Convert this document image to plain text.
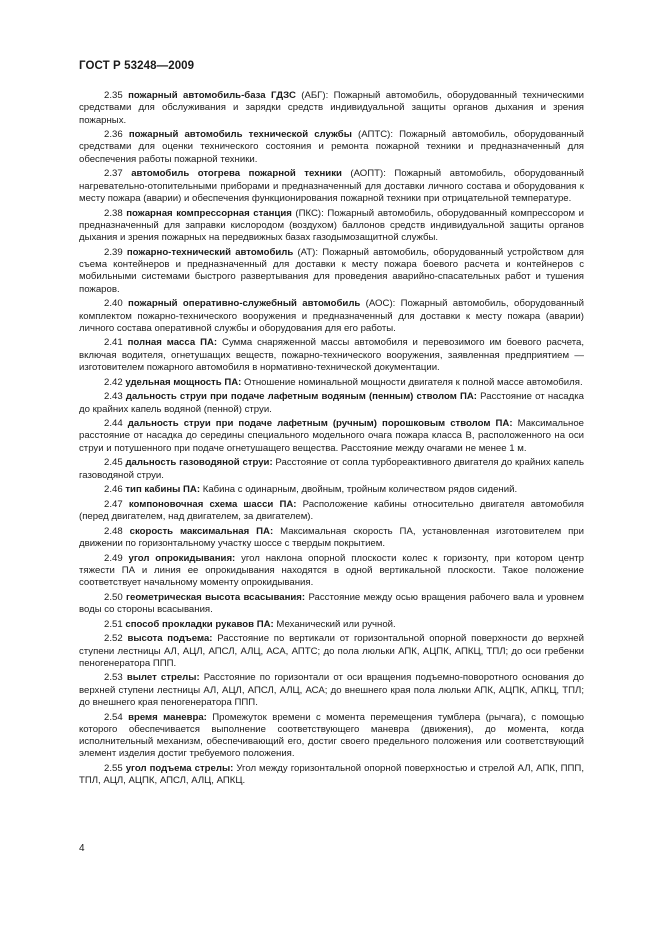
ГОСТ Р 53248—2009

2.35 пожарный автомобиль-база ГДЗС (АБГ): Пожарный автомобиль, оборудованный техническими средствами для обслуживания и зарядки средств индивидуальной защиты органов дыхания и зрения пожарных.

2.36 пожарный автомобиль технической службы (АПТС): Пожарный автомобиль, оборудованный средствами для оценки технического состояния и ремонта пожарной техники и предназначенный для обеспечения работы пожарной техники.

2.37 автомобиль отогрева пожарной техники (АОПТ): Пожарный автомобиль, оборудованный нагревательно-отопительными приборами и предназначенный для доставки личного состава и оборудования к месту пожара (аварии) и обеспечения функционирования пожарной техники при отрицательной температуре.

2.38 пожарная компрессорная станция (ПКС): Пожарный автомобиль, оборудованный компрессором и предназначенный для заправки кислородом (воздухом) баллонов средств индивидуальной защиты органов дыхания и зрения пожарных на передвижных базах газодымозащитной службы.

2.39 пожарно-технический автомобиль (АТ): Пожарный автомобиль, оборудованный устройством для съема контейнеров и предназначенный для доставки к месту пожара боевого расчета и контейнеров с мобильными системами быстрого развертывания для проведения аварийно-спасательных работ и тушения пожаров.

2.40 пожарный оперативно-служебный автомобиль (АОС): Пожарный автомобиль, оборудованный комплектом пожарно-технического вооружения и предназначенный для доставки к месту пожара (аварии) личного состава оперативной службы и оборудования для его работы.

2.41 полная масса ПА: Сумма снаряженной массы автомобиля и перевозимого им боевого расчета, включая водителя, огнетушащих веществ, пожарно-технического вооружения, заявленная предприятием — изготовителем пожарного автомобиля в нормативно-технической документации.

2.42 удельная мощность ПА: Отношение номинальной мощности двигателя к полной массе автомобиля.

2.43 дальность струи при подаче лафетным водяным (пенным) стволом ПА: Расстояние от насадка до крайних капель водяной (пенной) струи.

2.44 дальность струи при подаче лафетным (ручным) порошковым стволом ПА: Максимальное расстояние от насадка до середины специального модельного очага пожара класса В, расположенного на оси струи и потушенного при подаче огнетушащего вещества. Расстояние между очагами не менее 1 м.

2.45 дальность газоводяной струи: Расстояние от сопла турбореактивного двигателя до крайних капель газоводяной струи.

2.46 тип кабины ПА: Кабина с одинарным, двойным, тройным количеством рядов сидений.

2.47 компоновочная схема шасси ПА: Расположение кабины относительно двигателя автомобиля (перед двигателем, над двигателем, за двигателем).

2.48 скорость максимальная ПА: Максимальная скорость ПА, установленная изготовителем при движении по горизонтальному участку шоссе с твердым покрытием.

2.49 угол опрокидывания: угол наклона опорной плоскости колес к горизонту, при котором центр тяжести ПА и линия ее опрокидывания находятся в одной вертикальной плоскости. Такое положение соответствует начальному моменту опрокидывания.

2.50 геометрическая высота всасывания: Расстояние между осью вращения рабочего вала и уровнем воды со стороны всасывания.

2.51 способ прокладки рукавов ПА: Механический или ручной.

2.52 высота подъема: Расстояние по вертикали от горизонтальной опорной поверхности до верхней ступени лестницы АЛ, АЦЛ, АПСЛ, АЛЦ, АСА, АПТС; до пола люльки АПК, АЦПК, АПКЦ, ТПЛ; до оси гребенки пеногенератора ППП.

2.53 вылет стрелы: Расстояние по горизонтали от оси вращения подъемно-поворотного основания до верхней ступени лестницы АЛ, АЦЛ, АПСЛ, АЛЦ, АСА; до внешнего края пола люльки АПК, АЦПК, АПКЦ, ТПЛ; до внешнего края пеногенератора ППП.

2.54 время маневра: Промежуток времени с момента перемещения тумблера (рычага), с помощью которого обеспечивается выполнение соответствующего маневра (движения), до момента, когда исполнительный механизм, обеспечивающий его, достиг своего предельного положения или соответствующий элемент изделия достиг требуемого положения.

2.55 угол подъема стрелы: Угол между горизонтальной опорной поверхностью и стрелой АЛ, АПК, ППП, ТПЛ, АЦЛ, АЦПК, АПСЛ, АЛЦ, АПКЦ.

4
